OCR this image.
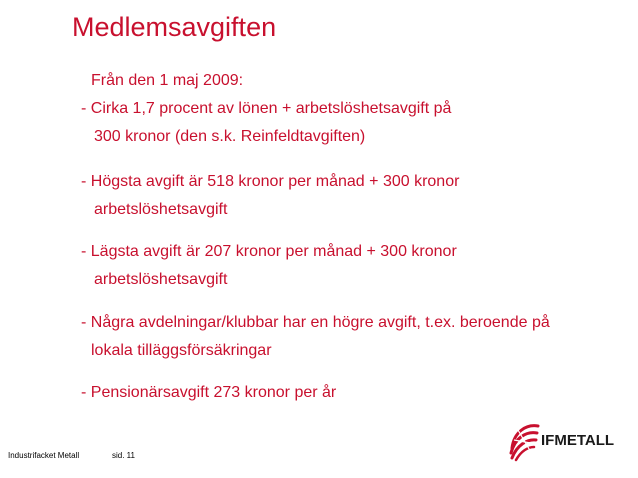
Medlemsavgiften
Från den 1 maj 2009:
- Cirka 1,7 procent av lönen + arbetslöshetsavgift på
300 kronor (den s.k. Reinfeldtavgiften)
- Högsta avgift är 518 kronor per månad + 300 kronor
arbetslöshetsavgift
- Lägsta avgift är 207 kronor per månad + 300 kronor
arbetslöshetsavgift
- Några avdelningar/klubbar har en högre avgift, t.ex. beroende på
lokala tilläggsförsäkringar
- Pensionärsavgift 273 kronor per år
Industrifacket Metall	sid. 11
IFMETALL
